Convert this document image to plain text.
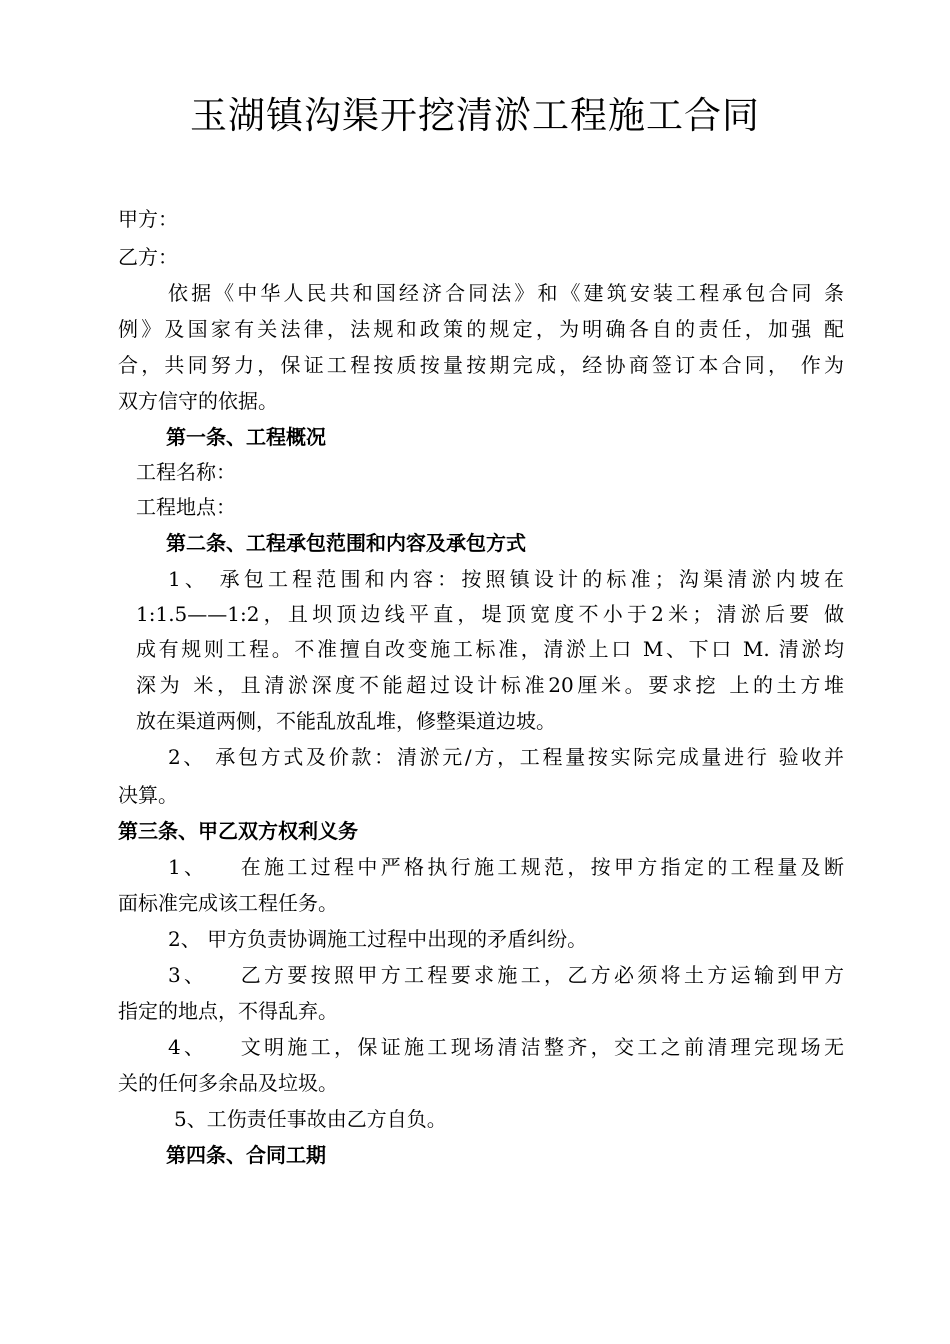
玉湖镇沟渠开挖清淤工程施工合同
甲方：
乙方：
依据《中华人民共和国经济合同法》和《建筑安装工程承包合同 条
例》及国家有关法律，法规和政策的规定，为明确各自的责任，加强 配
合，共同努力，保证工程按质按量按期完成，经协商签订本合同， 作为
双方信守的依据。
第一条、工程概况
工程名称：
工程地点：
第二条、工程承包范围和内容及承包方式
1、 承包工程范围和内容：按照镇设计的标准；沟渠清淤内坡在
1:1.5——1:2，且坝顶边线平直，堤顶宽度不小于2米；清淤后要 做
成有规则工程。不准擅自改变施工标准，清淤上口 M、下口 M. 清淤均
深为 米，且清淤深度不能超过设计标准20厘米。要求挖 上的土方堆
放在渠道两侧，不能乱放乱堆，修整渠道边坡。
2、 承包方式及价款：清淤元/方，工程量按实际完成量进行 验收并
决算。
第三条、甲乙双方权利义务
1、 在施工过程中严格执行施工规范，按甲方指定的工程量及断
面标准完成该工程任务。
2、 甲方负责协调施工过程中出现的矛盾纠纷。
3、 乙方要按照甲方工程要求施工，乙方必须将土方运输到甲方
指定的地点，不得乱弃。
4、 文明施工，保证施工现场清洁整齐，交工之前清理完现场无
关的任何多余品及垃圾。
5、工伤责任事故由乙方自负。
第四条、合同工期
